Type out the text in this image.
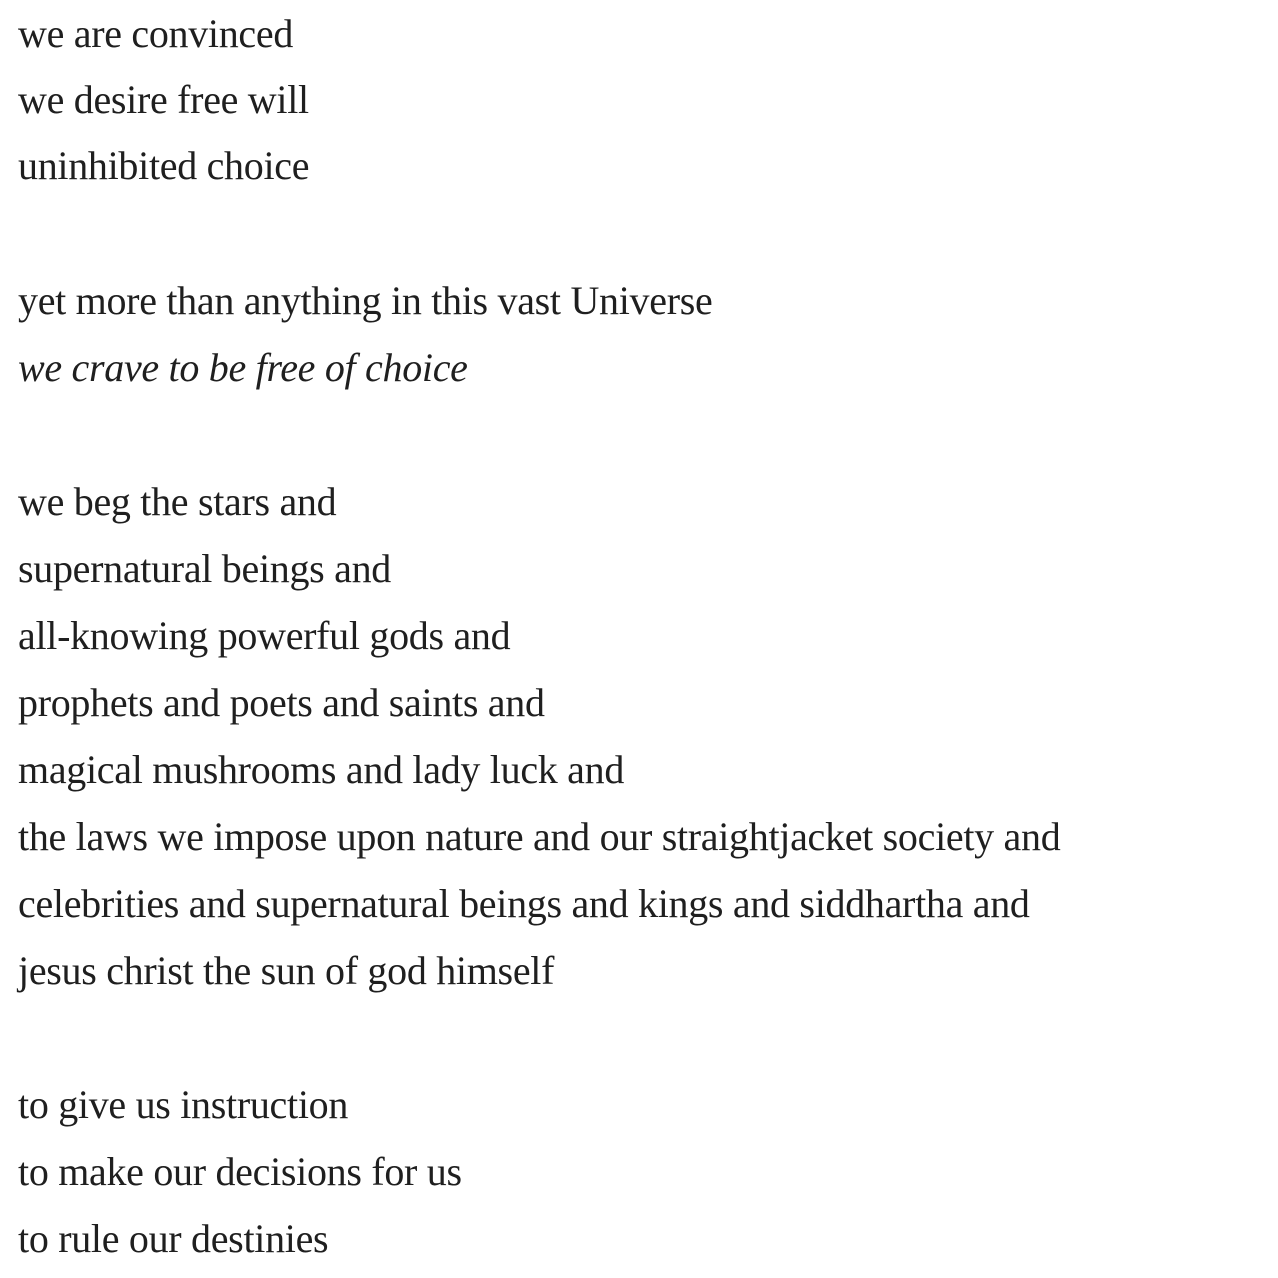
we are convinced
we desire free will
uninhibited choice
yet more than anything in this vast Universe
we crave to be free of choice
we beg the stars and
supernatural beings and
all-knowing powerful gods and
prophets and poets and saints and
magical mushrooms and lady luck and
the laws we impose upon nature and our straightjacket society and
celebrities and supernatural beings and kings and siddhartha and
jesus christ the sun of god himself
to give us instruction
to make our decisions for us
to rule our destinies
